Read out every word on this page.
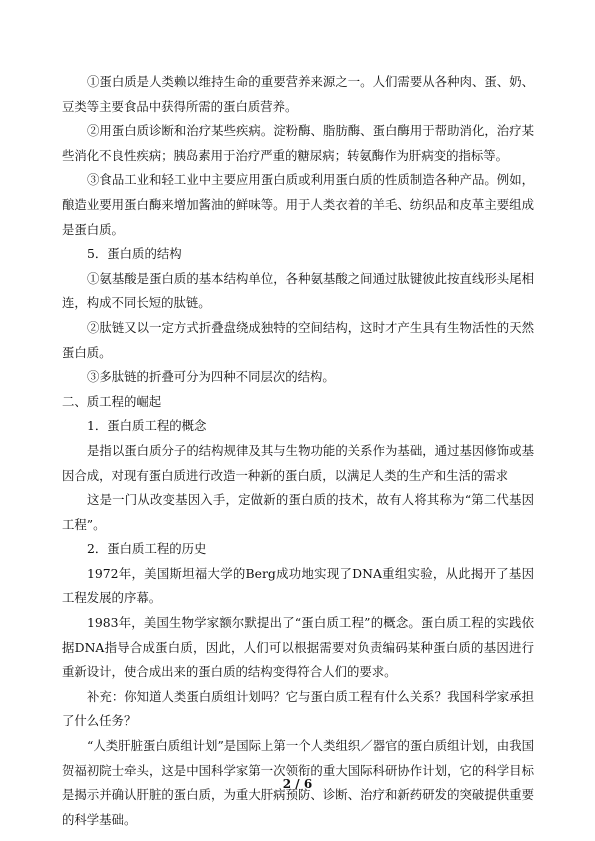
①蛋白质是人类赖以维持生命的重要营养来源之一。人们需要从各种肉、蛋、奶、豆类等主要食品中获得所需的蛋白质营养。

②用蛋白质诊断和治疗某些疾病。淀粉酶、脂肪酶、蛋白酶用于帮助消化，治疗某些消化不良性疾病；胰岛素用于治疗严重的糖尿病；转氨酶作为肝病变的指标等。

③食品工业和轻工业中主要应用蛋白质或利用蛋白质的性质制造各种产品。例如，酿造业要用蛋白酶来增加酱油的鲜味等。用于人类衣着的羊毛、纺织品和皮革主要组成是蛋白质。

5．蛋白质的结构

①氨基酸是蛋白质的基本结构单位，各种氨基酸之间通过肽键彼此按直线形头尾相连，构成不同长短的肽链。

②肽链又以一定方式折叠盘绕成独特的空间结构，这时才产生具有生物活性的天然蛋白质。

③多肽链的折叠可分为四种不同层次的结构。

二、质工程的崛起

1．蛋白质工程的概念

是指以蛋白质分子的结构规律及其与生物功能的关系作为基础，通过基因修饰或基因合成，对现有蛋白质进行改造一种新的蛋白质，以满足人类的生产和生活的需求

这是一门从改变基因入手，定做新的蛋白质的技术，故有人将其称为“第二代基因工程”。

2．蛋白质工程的历史

1972年，美国斯坦福大学的Berg成功地实现了DNA重组实验，从此揭开了基因工程发展的序幕。

1983年，美国生物学家额尔默提出了“蛋白质工程”的概念。蛋白质工程的实践依据DNA指导合成蛋白质，因此，人们可以根据需要对负责编码某种蛋白质的基因进行重新设计，使合成出来的蛋白质的结构变得符合人们的要求。

补充：你知道人类蛋白质组计划吗？它与蛋白质工程有什么关系？我国科学家承担了什么任务？

“人类肝脏蛋白质组计划”是国际上第一个人类组织／器官的蛋白质组计划，由我国贺福初院士牵头，这是中国科学家第一次领衔的重大国际科研协作计划，它的科学目标是揭示并确认肝脏的蛋白质，为重大肝病预防、诊断、治疗和新药研发的突破提供重要的科学基础。

2 / 6
